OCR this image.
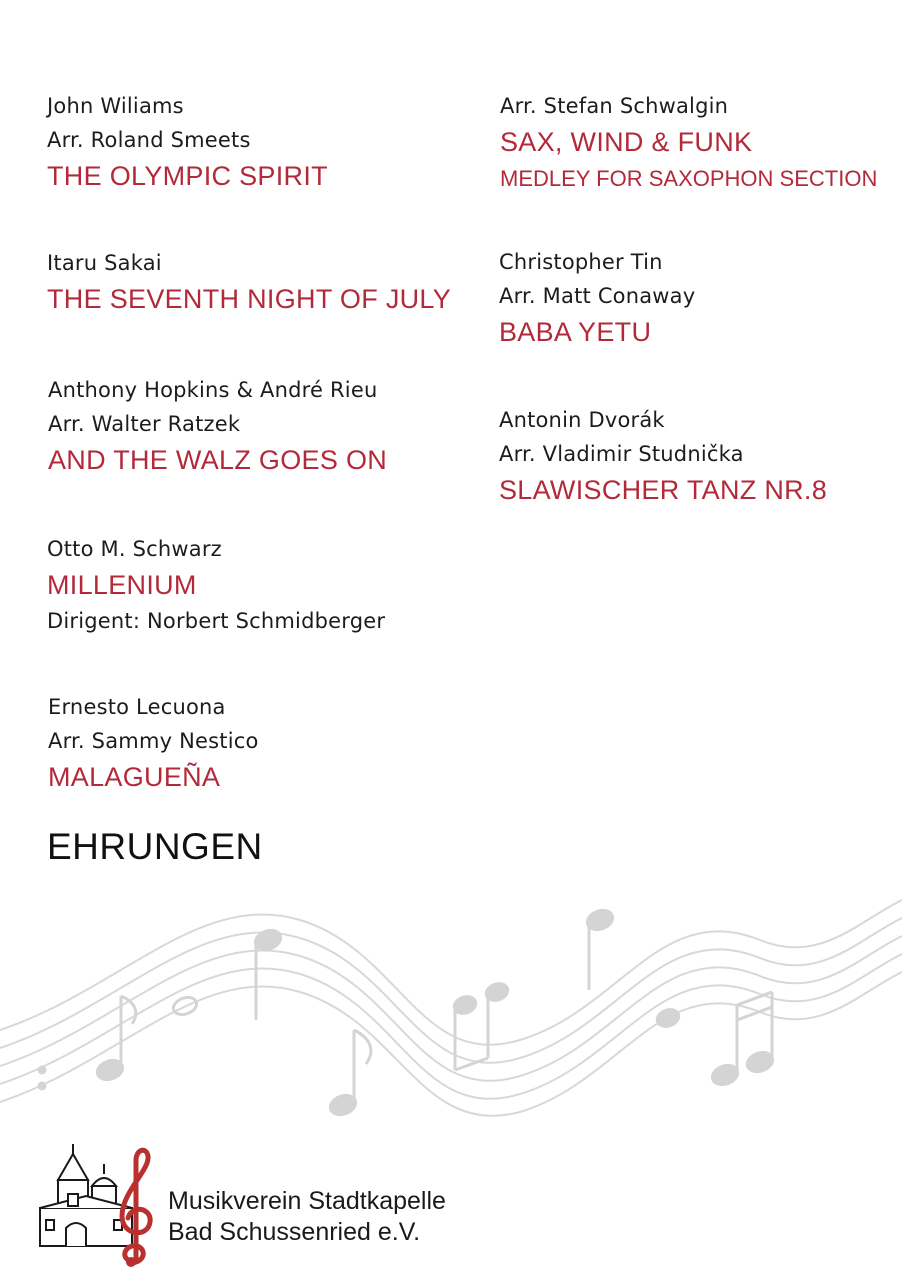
John Wiliams
Arr. Roland Smeets
THE OLYMPIC SPIRIT
Itaru Sakai
THE SEVENTH NIGHT OF JULY
Anthony Hopkins & André Rieu
Arr. Walter Ratzek
AND THE WALZ GOES ON
Otto M. Schwarz
MILLENIUM
Dirigent: Norbert Schmidberger
Ernesto Lecuona
Arr. Sammy Nestico
MALAGUEÑA
Arr. Stefan Schwalgin
SAX, WIND & FUNK
MEDLEY FOR SAXOPHON SECTION
Christopher Tin
Arr. Matt Conaway
BABA YETU
Antonin Dvorák
Arr. Vladimir Studnička
SLAWISCHER TANZ NR.8
EHRUNGEN
Musikverein Stadtkapelle
Bad Schussenried e.V.
